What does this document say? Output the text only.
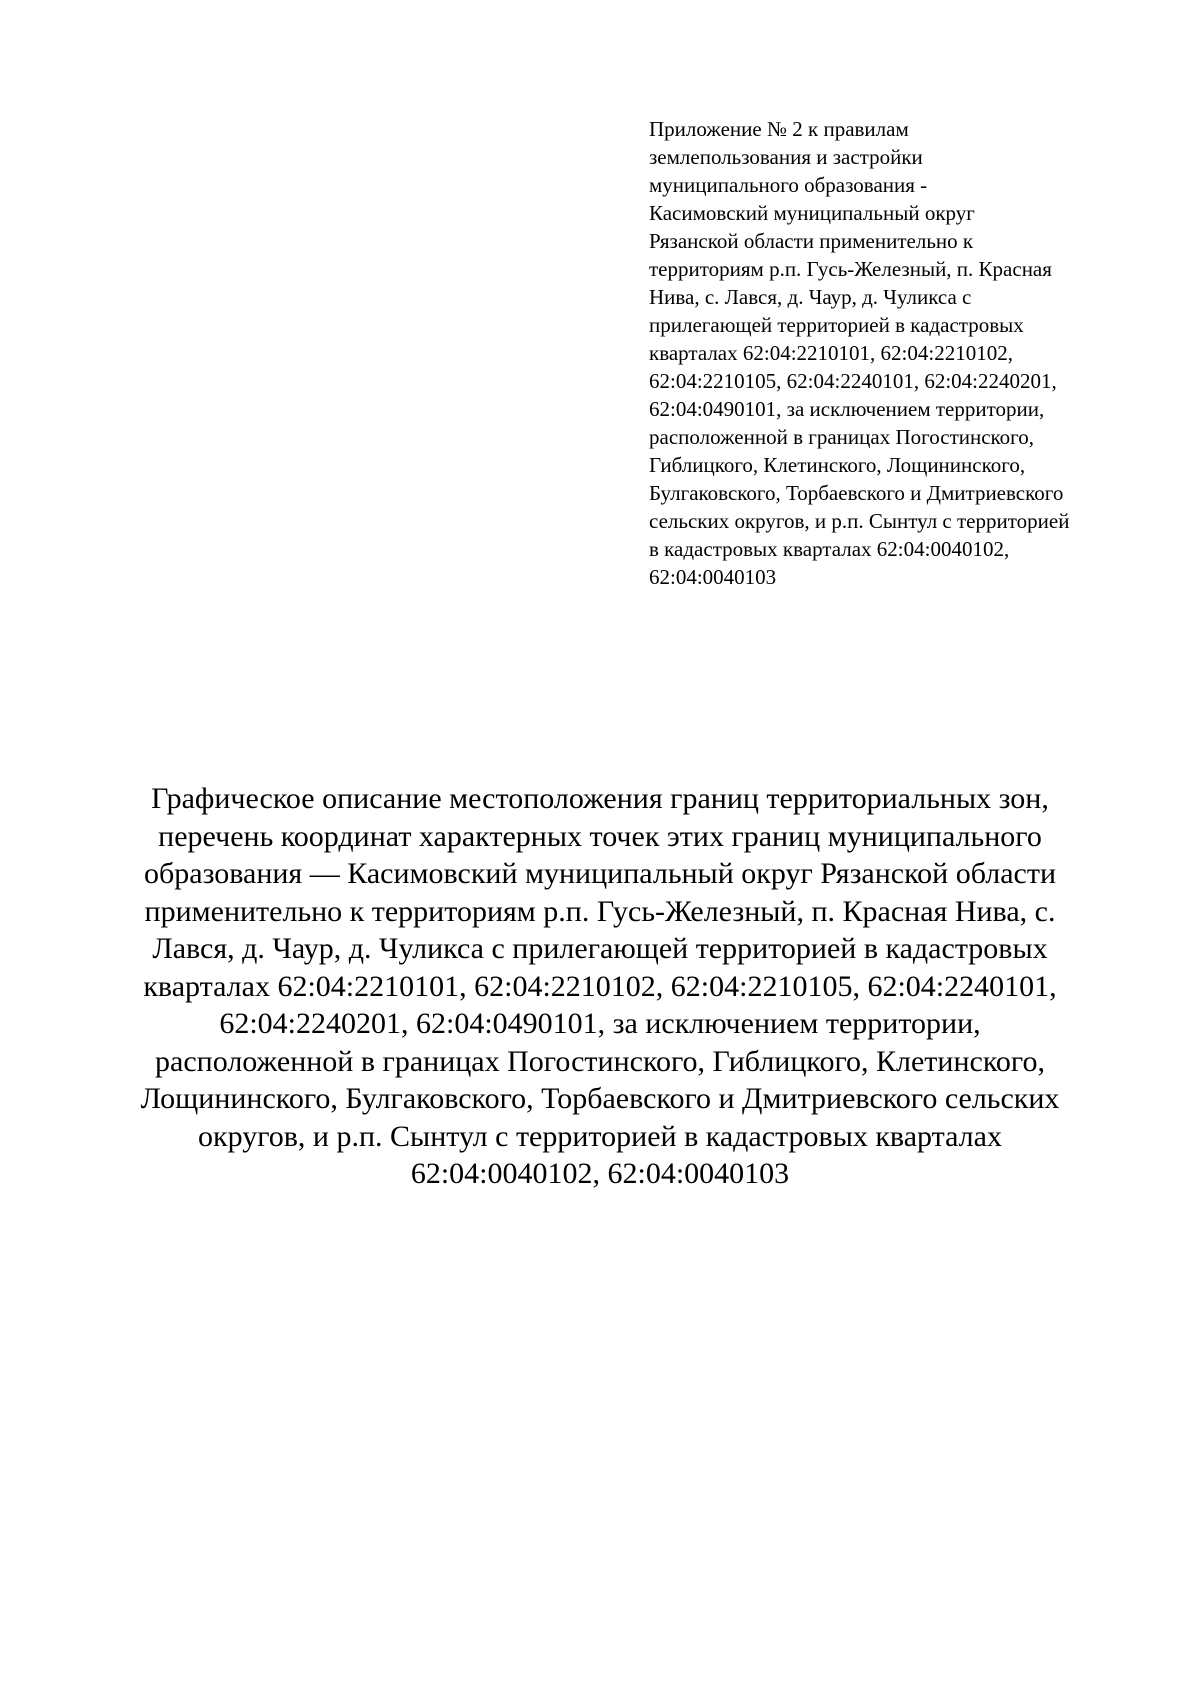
Приложение № 2 к правилам
землепользования и застройки
муниципального образования -
Касимовский муниципальный округ
Рязанской области применительно к
территориям р.п. Гусь-Железный, п. Красная
Нива, с. Лався, д. Чаур, д. Чуликса с
прилегающей территорией в кадастровых
кварталах 62:04:2210101, 62:04:2210102,
62:04:2210105, 62:04:2240101, 62:04:2240201,
62:04:0490101, за исключением территории,
расположенной в границах Погостинского,
Гиблицкого, Клетинского, Лощининского,
Булгаковского, Торбаевского и Дмитриевского
сельских округов, и р.п. Сынтул с территорией
в кадастровых кварталах 62:04:0040102,
62:04:0040103
Графическое описание местоположения границ территориальных зон,
перечень координат характерных точек этих границ муниципального
образования — Касимовский муниципальный округ Рязанской области
применительно к территориям р.п. Гусь-Железный, п. Красная Нива, с.
Лався, д. Чаур, д. Чуликса с прилегающей территорией в кадастровых
кварталах 62:04:2210101, 62:04:2210102, 62:04:2210105, 62:04:2240101,
62:04:2240201, 62:04:0490101, за исключением территории,
расположенной в границах Погостинского, Гиблицкого, Клетинского,
Лощининского, Булгаковского, Торбаевского и Дмитриевского сельских
округов, и р.п. Сынтул с территорией в кадастровых кварталах
62:04:0040102, 62:04:0040103
